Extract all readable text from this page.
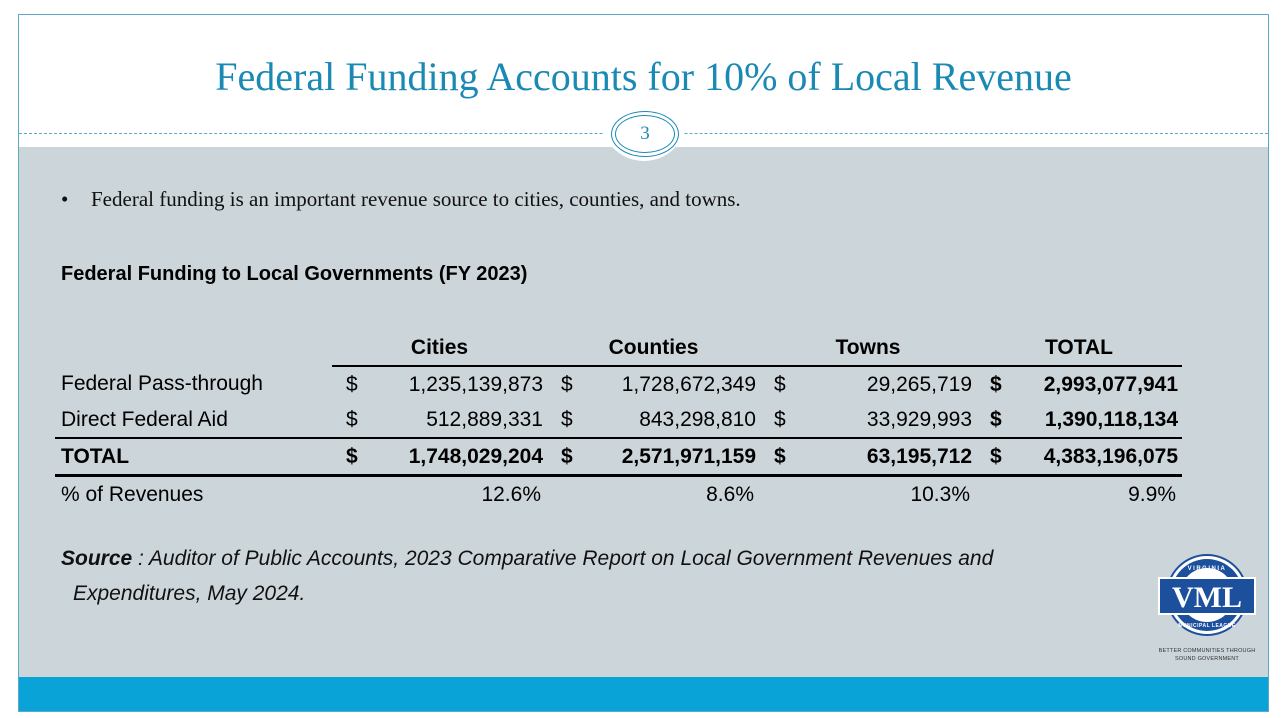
Federal Funding Accounts for 10% of Local Revenue
3
• Federal funding is an important revenue source to cities, counties, and towns.
Federal Funding to Local Governments (FY 2023)
	Cities	Counties	Towns	TOTAL
Federal Pass-through	$ 1,235,139,873	$ 1,728,672,349	$ 29,265,719	$ 2,993,077,941

Direct Federal Aid	$ 512,889,331	$ 843,298,810	$ 33,929,993	$ 1,390,118,134

TOTAL	$ 1,748,029,204	$ 2,571,971,159	$ 63,195,712	$ 4,383,196,075

% of Revenues	12.6%	8.6%	10.3%	9.9%
Source : Auditor of Public Accounts, 2023 Comparative Report on Local Government Revenues and
Expenditures, May 2024.	VML
VIRGINIA
MUNICIPAL LEAGUE
BETTER COMMUNITIES THROUGH
SOUND GOVERNMENT
